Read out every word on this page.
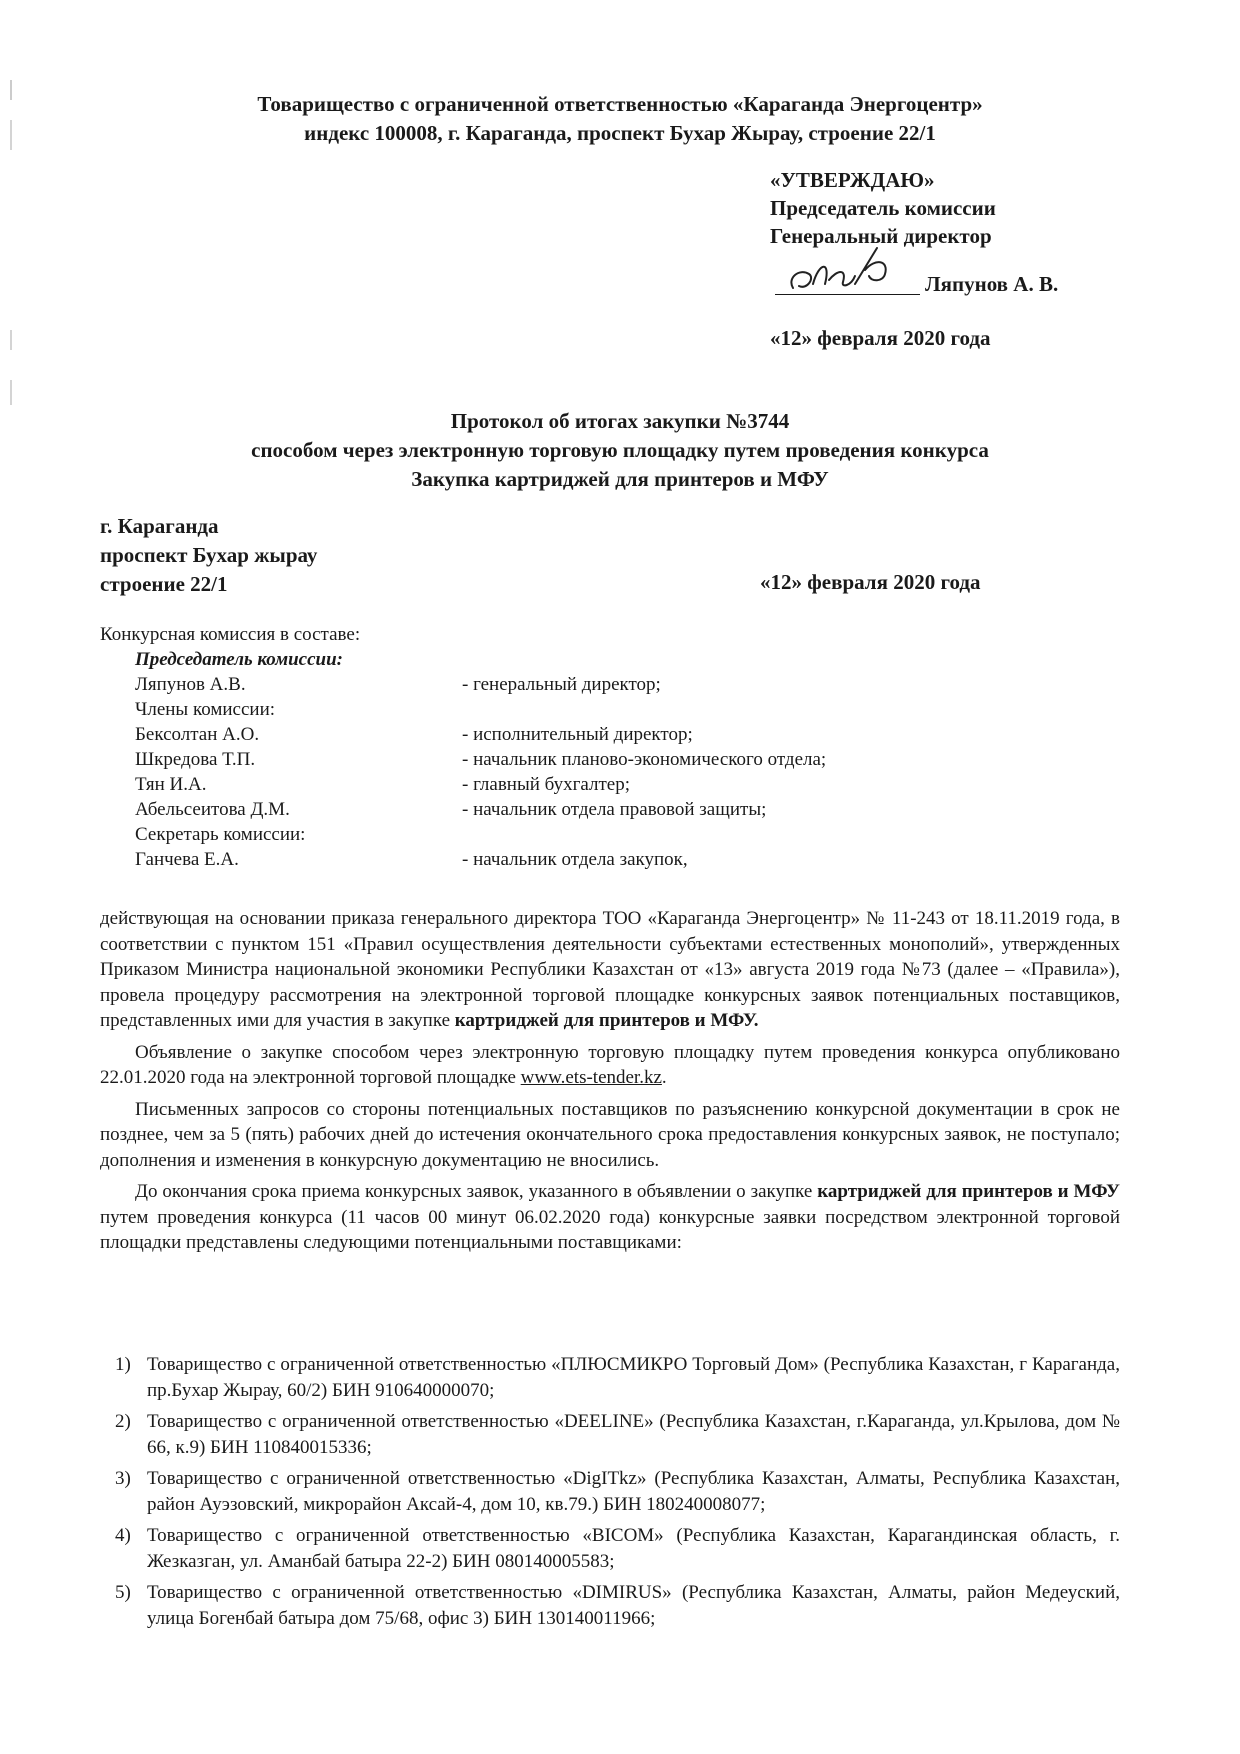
Товарищество с ограниченной ответственностью «Караганда Энергоцентр»
индекс 100008, г. Караганда, проспект Бухар Жырау, строение 22/1
«УТВЕРЖДАЮ»
Председатель комиссии
Генеральный директор
Ляпунов А. В.
«12» февраля 2020 года
Протокол об итогах закупки №3744
способом через электронную торговую площадку путем проведения конкурса
Закупка картриджей для принтеров и МФУ
г. Караганда
проспект Бухар жырау
строение 22/1	«12» февраля 2020 года
Конкурсная комиссия в составе:
Председатель комиссии:
Ляпунов А.В.	- генеральный директор;
Члены комиссии:
Бексолтан А.О.	- исполнительный директор;
Шкредова Т.П.	- начальник планово-экономического отдела;
Тян И.А.	- главный бухгалтер;
Абельсеитова Д.М.	- начальник отдела правовой защиты;
Секретарь комиссии:
Ганчева Е.А.	- начальник отдела закупок,

действующая на основании приказа генерального директора ТОО «Караганда Энергоцентр» № 11-243 от 18.11.2019 года, в соответствии с пунктом 151 «Правил осуществления деятельности субъектами естественных монополий», утвержденных Приказом Министра национальной экономики Республики Казахстан от «13» августа 2019 года №73 (далее – «Правила»), провела процедуру рассмотрения на электронной торговой площадке конкурсных заявок потенциальных поставщиков, представленных ими для участия в закупке картриджей для принтеров и МФУ.

Объявление о закупке способом через электронную торговую площадку путем проведения конкурса опубликовано 22.01.2020 года на электронной торговой площадке www.ets-tender.kz.

Письменных запросов со стороны потенциальных поставщиков по разъяснению конкурсной документации в срок не позднее, чем за 5 (пять) рабочих дней до истечения окончательного срока предоставления конкурсных заявок, не поступало; дополнения и изменения в конкурсную документацию не вносились.

До окончания срока приема конкурсных заявок, указанного в объявлении о закупке картриджей для принтеров и МФУ путем проведения конкурса (11 часов 00 минут 06.02.2020 года) конкурсные заявки посредством электронной торговой площадки представлены следующими потенциальными поставщиками:

1) Товарищество с ограниченной ответственностью «ПЛЮСМИКРО Торговый Дом» (Республика Казахстан, г Караганда, пр.Бухар Жырау, 60/2) БИН 910640000070;
2) Товарищество с ограниченной ответственностью «DEELINE» (Республика Казахстан, г.Караганда, ул.Крылова, дом № 66, к.9) БИН 110840015336;
3) Товарищество с ограниченной ответственностью «DigITkz» (Республика Казахстан, Алматы, Республика Казахстан, район Ауэзовский, микрорайон Аксай-4, дом 10, кв.79.) БИН 180240008077;
4) Товарищество с ограниченной ответственностью «BICOM» (Республика Казахстан, Карагандинская область, г. Жезказган, ул. Аманбай батыра 22-2) БИН 080140005583;
5) Товарищество с ограниченной ответственностью «DIMIRUS» (Республика Казахстан, Алматы, район Медеуский, улица Богенбай батыра дом 75/68, офис 3) БИН 130140011966;
